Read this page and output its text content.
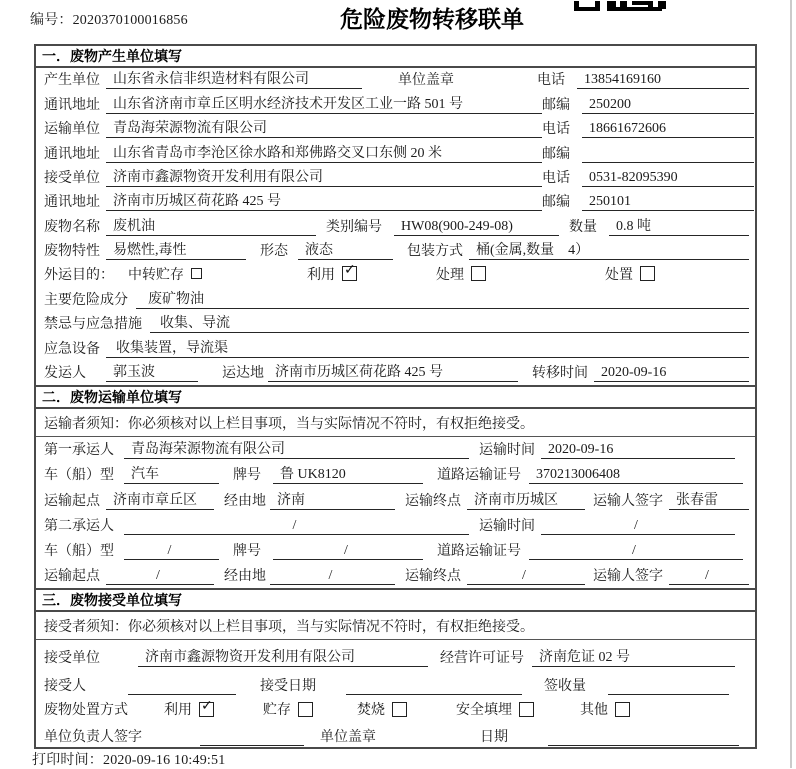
编号：2020370100016856	危险废物转移联单
一．废物产生单位填写
产生单位 山东省永信非织造材料有限公司	单位盖章	电话	13854169160
通讯地址 山东省济南市章丘区明水经济技术开发区工业一路 501 号	邮编	250200
运输单位 青岛海荣源物流有限公司	电话	18661672606
通讯地址 山东省青岛市李沧区徐水路和郑佛路交叉口东侧 20 米	邮编
接受单位 济南市鑫源物资开发利用有限公司	电话	0531-82095390
通讯地址 济南市历城区荷花路 425 号	邮编	250101
废物名称 废机油	类别编号	HW08(900-249-08)	数量	0.8 吨
废物特性 易燃性,毒性	形态	液态	包装方式 桶(金属,数量　4）
外运目的： 中转贮存	利用 ✓	处理	处置
主要危险成分	废矿物油
禁忌与应急措施	收集、导流
应急设备	收集装置，导流渠
发运人	郭玉波	运达地 济南市历城区荷花路 425 号	转移时间 2020-09-16
二．废物运输单位填写
运输者须知：你必须核对以上栏目事项，当与实际情况不符时，有权拒绝接受。
第一承运人	青岛海荣源物流有限公司	运输时间 2020-09-16
车（船）型	汽车	牌号	鲁 UK8120	道路运输证号	370213006408
运输起点 济南市章丘区	经由地 济南	运输终点 济南市历城区	运输人签字 张春雷
第二承运人	/	运输时间	/
车（船）型	/	牌号	/	道路运输证号	/
运输起点	/	经由地	/	运输终点	/	运输人签字	/
三．废物接受单位填写
接受者须知：你必须核对以上栏目事项，当与实际情况不符时，有权拒绝接受。
接受单位	济南市鑫源物资开发利用有限公司	经营许可证号	济南危证 02 号
接受人	接受日期	签收量
废物处置方式	利用 ✓	贮存	焚烧	安全填埋	其他
单位负责人签字	单位盖章	日期
打印时间：2020-09-16 10:49:51
